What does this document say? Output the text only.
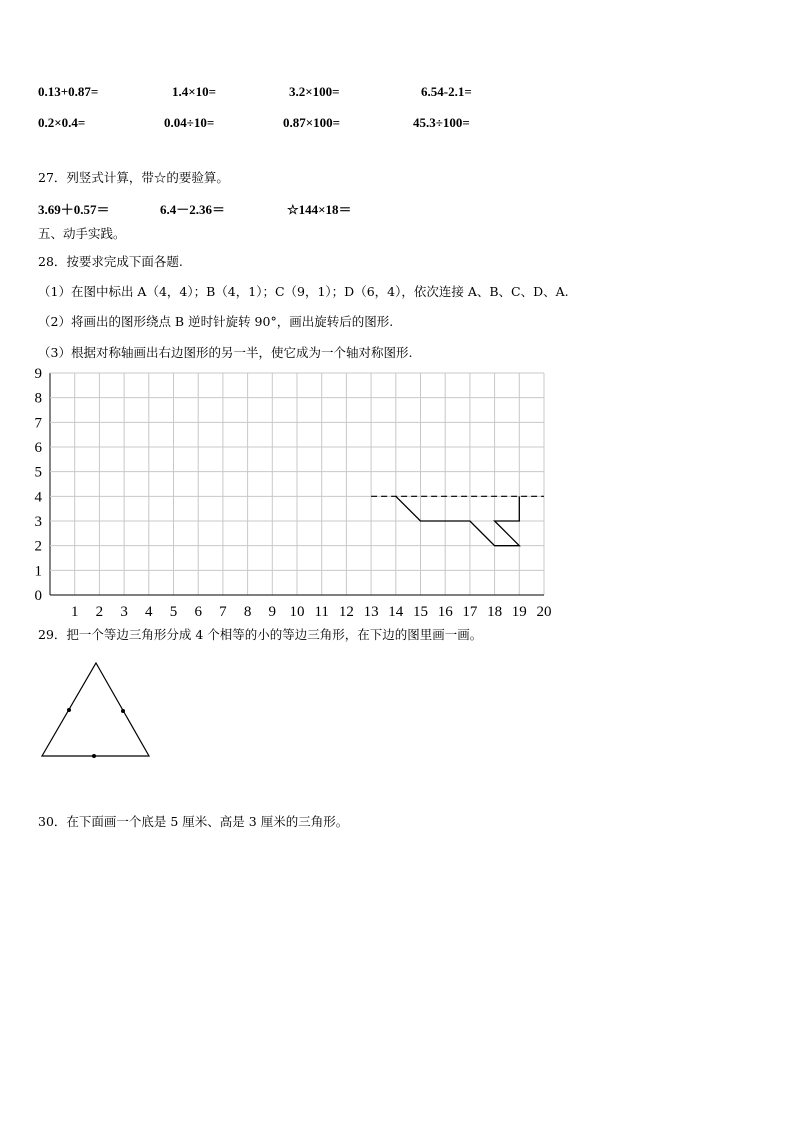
0.13+0.87=	1.4×10=	3.2×100=	6.54-2.1=
0.2×0.4=	0.04÷10=	0.87×100=	45.3÷100=
27．列竖式计算，带☆的要验算。
3.69＋0.57＝	6.4－2.36＝	☆144×18＝
五、动手实践。
28．按要求完成下面各题.
（1）在图中标出 A（4，4）；B（4，1）；C（9，1）；D（6，4），依次连接 A、B、C、D、A.
（2）将画出的图形绕点 B 逆时针旋转 90°，画出旋转后的图形.
（3）根据对称轴画出右边图形的另一半，使它成为一个轴对称图形.
0
1
2
3
4
5
6
7
8
9
1 2 3 4 5 6 7 8 9 10 11 12 13 14 15 16 17 18 19 20
29．把一个等边三角形分成 4 个相等的小的等边三角形，在下边的图里画一画。
30．在下面画一个底是 5 厘米、高是 3 厘米的三角形。
